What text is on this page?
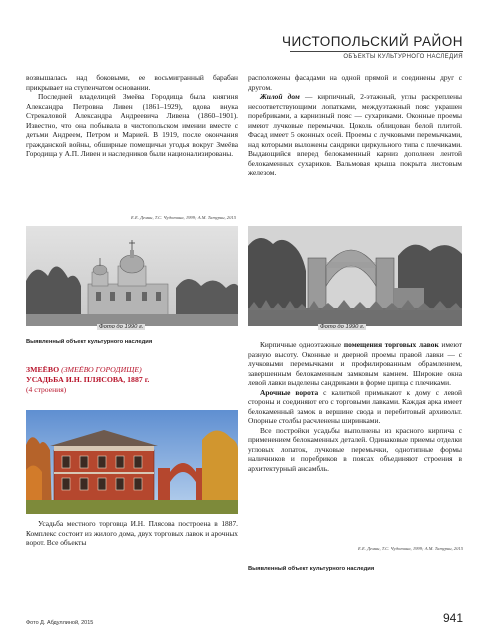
ЧИСТОПОЛЬСКИЙ РАЙОН
ОБЪЕКТЫ КУЛЬТУРНОГО НАСЛЕДИЯ

возвышалась над боковыми, ее восьмигранный барабан прикрывает на ступенчатом основании.

Последней владелицей Змеёва Городища была княгиня Александра Петровна Ливен (1861–1929), вдова внука Стрекаловой Александра Андреевича Ливена (1860–1901). Известно, что она побывала в чистопольском имении вместе с детьми Андреем, Петром и Марией. В 1919, после окончания гражданской войны, обширные помещичьи угодья вокруг Змеёва Городища у А.П. Ливен и наследников были национализированы.

Е.Е. Демин, Т.С. Чудотина, 1999; А.М. Татурин, 2015

расположены фасадами на одной прямой и соединены друг с другом.

Жилой дом — кирпичный, 2-этажный, углы раскреплены несоответствующими лопатками, междуэтажный пояс украшен поребриками, а карнизный пояс — сухариками. Оконные проемы имеют лучковые перемычки. Цоколь облицован белой плитой. Фасад имеет 5 оконных осей. Проемы с лучковыми перемычками, над которыми выложены сандрики циркульного типа с плечиками. Выдающийся вперед белокаменный карниз дополнен лентой белокаменных сухариков. Вальмовая крыша покрыта листовым железом.

Фото до 1990 г.	Фото до 1990 г.
Выявленный объект культурного наследия
ЗМЕЁВО (ЗМЕЁВО ГОРОДИЩЕ)
УСАДЬБА И.Н. ПЛЯСОВА, 1887 г.
(4 строения)

Усадьба местного торговца И.Н. Плясова построена в 1887. Комплекс состоит из жилого дома, двух торговых лавок и арочных ворот. Все объекты

Кирпичные одноэтажные помещения торговых лавок имеют разную высоту. Оконные и дверной проемы правой лавки — с лучковыми перемычками и профилированным обрамлением, завершенным белокаменным замковым камнем. Широкие окна левой лавки выделены сандриками в форме щипца с плечиками.

Арочные ворота с калиткой примыкают к дому с левой стороны и соединяют его с торговыми лавками. Каждая арка имеет белокаменный замок в вершине свода и перебитовый архивольт. Опорные столбы расчленены ширинками.

Все постройки усадьбы выполнены из красного кирпича с применением белокаменных деталей. Одинаковые приемы отделки угловых лопаток, лучковые перемычки, однотипные формы наличников и поребриков в поясах объединяют строения в архитектурный ансамбль.

Е.Е. Демин, Т.С. Чудотина, 1999; А.М. Татурин, 2015
Выявленный объект культурного наследия
Фото Д. Абдуллиной, 2015	941
